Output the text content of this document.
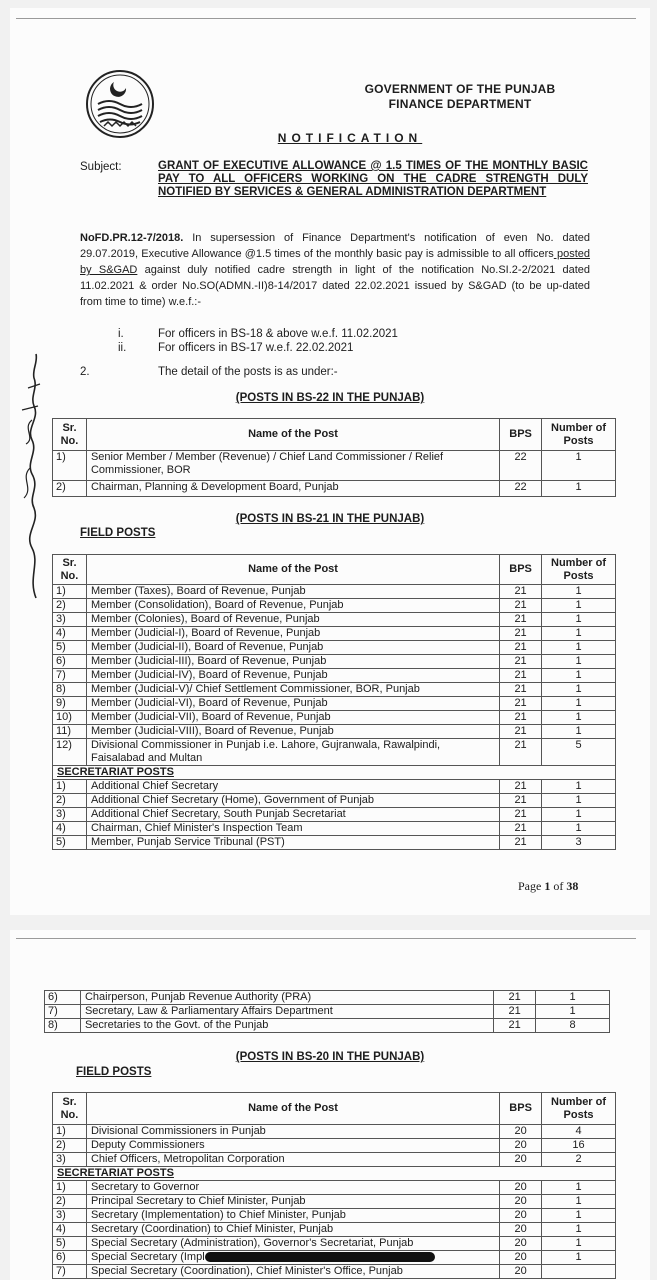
GOVERNMENT OF THE PUNJAB
FINANCE DEPARTMENT
NOTIFICATION
Subject:	GRANT OF EXECUTIVE ALLOWANCE @ 1.5 TIMES OF THE MONTHLY BASIC PAY TO ALL OFFICERS WORKING ON THE CADRE STRENGTH DULY NOTIFIED BY SERVICES & GENERAL ADMINISTRATION DEPARTMENT
NoFD.PR.12-7/2018. In supersession of Finance Department's notification of even No. dated 29.07.2019, Executive Allowance @1.5 times of the monthly basic pay is admissible to all officers posted by S&GAD against duly notified cadre strength in light of the notification No.SI.2-2/2021 dated 11.02.2021 & order No.SO(ADMN.-II)8-14/2017 dated 22.02.2021 issued by S&GAD (to be up-dated from time to time) w.e.f.:-
i.	For officers in BS-18 & above w.e.f. 11.02.2021
ii.	For officers in BS-17 w.e.f. 22.02.2021
2.	The detail of the posts is as under:-
(POSTS IN BS-22 IN THE PUNJAB)
Sr. No.	Name of the Post	BPS	Number of Posts
1)	Senior Member / Member (Revenue) / Chief Land Commissioner / Relief Commissioner, BOR	22	1
2)	Chairman, Planning & Development Board, Punjab	22	1
(POSTS IN BS-21 IN THE PUNJAB)
FIELD POSTS
Sr. No.	Name of the Post	BPS	Number of Posts
1)	Member (Taxes), Board of Revenue, Punjab	21	1
2)	Member (Consolidation), Board of Revenue, Punjab	21	1
3)	Member (Colonies), Board of Revenue, Punjab	21	1
4)	Member (Judicial-I), Board of Revenue, Punjab	21	1
5)	Member (Judicial-II), Board of Revenue, Punjab	21	1
6)	Member (Judicial-III), Board of Revenue, Punjab	21	1
7)	Member (Judicial-IV), Board of Revenue, Punjab	21	1
8)	Member (Judicial-V)/ Chief Settlement Commissioner, BOR, Punjab	21	1
9)	Member (Judicial-VI), Board of Revenue, Punjab	21	1
10)	Member (Judicial-VII), Board of Revenue, Punjab	21	1
11)	Member (Judicial-VIII), Board of Revenue, Punjab	21	1
12)	Divisional Commissioner in Punjab i.e. Lahore, Gujranwala, Rawalpindi, Faisalabad and Multan	21	5
SECRETARIAT POSTS			
1)	Additional Chief Secretary	21	1
2)	Additional Chief Secretary (Home), Government of Punjab	21	1
3)	Additional Chief Secretary, South Punjab Secretariat	21	1
4)	Chairman, Chief Minister's Inspection Team	21	1
5)	Member, Punjab Service Tribunal (PST)	21	3
Page 1 of 38
6)	Chairperson, Punjab Revenue Authority (PRA)	21	1
7)	Secretary, Law & Parliamentary Affairs Department	21	1
8)	Secretaries to the Govt. of the Punjab	21	8
(POSTS IN BS-20 IN THE PUNJAB)
FIELD POSTS
Sr. No.	Name of the Post	BPS	Number of Posts
1)	Divisional Commissioners in Punjab	20	4
2)	Deputy Commissioners	20	16
3)	Chief Officers, Metropolitan Corporation	20	2
SECRETARIAT POSTS			
1)	Secretary to Governor	20	1
2)	Principal Secretary to Chief Minister, Punjab	20	1
3)	Secretary (Implementation) to Chief Minister, Punjab	20	1
4)	Secretary (Coordination) to Chief Minister, Punjab	20	1
5)	Special Secretary (Administration), Governor's Secretariat, Punjab	20	1
6)	Special Secretary (Impl	20	1
7)	Special Secretary (Coordination), Chief Minister's Office, Punjab	20	
